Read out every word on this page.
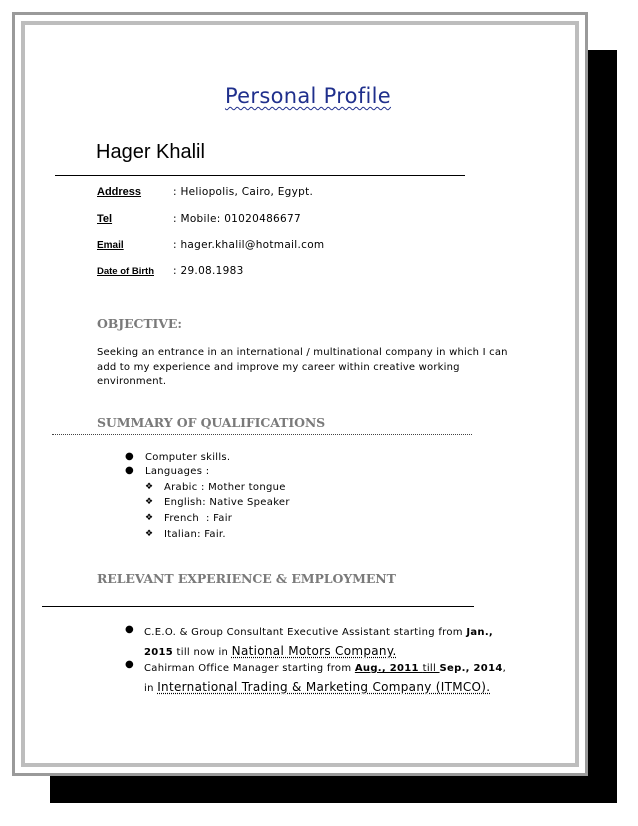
Personal Profile
Hager Khalil
Address	: Heliopolis, Cairo, Egypt.
Tel	: Mobile: 01020486677
Email	: hager.khalil@hotmail.com
Date of Birth : 29.08.1983
OBJECTIVE:
Seeking an entrance in an international / multinational company in which I can add to my experience and improve my career within creative working environment.
SUMMARY OF QUALIFICATIONS
● Computer skills.
● Languages :
❖ Arabic : Mother tongue
❖ English: Native Speaker
❖ French  : Fair
❖ Italian: Fair.
RELEVANT EXPERIENCE & EMPLOYMENT
● C.E.O. & Group Consultant Executive Assistant starting from Jan., 2015 till now in National Motors Company.
● Cahirman Office Manager starting from Aug., 2011 till Sep., 2014,
in International Trading & Marketing Company (ITMCO).
